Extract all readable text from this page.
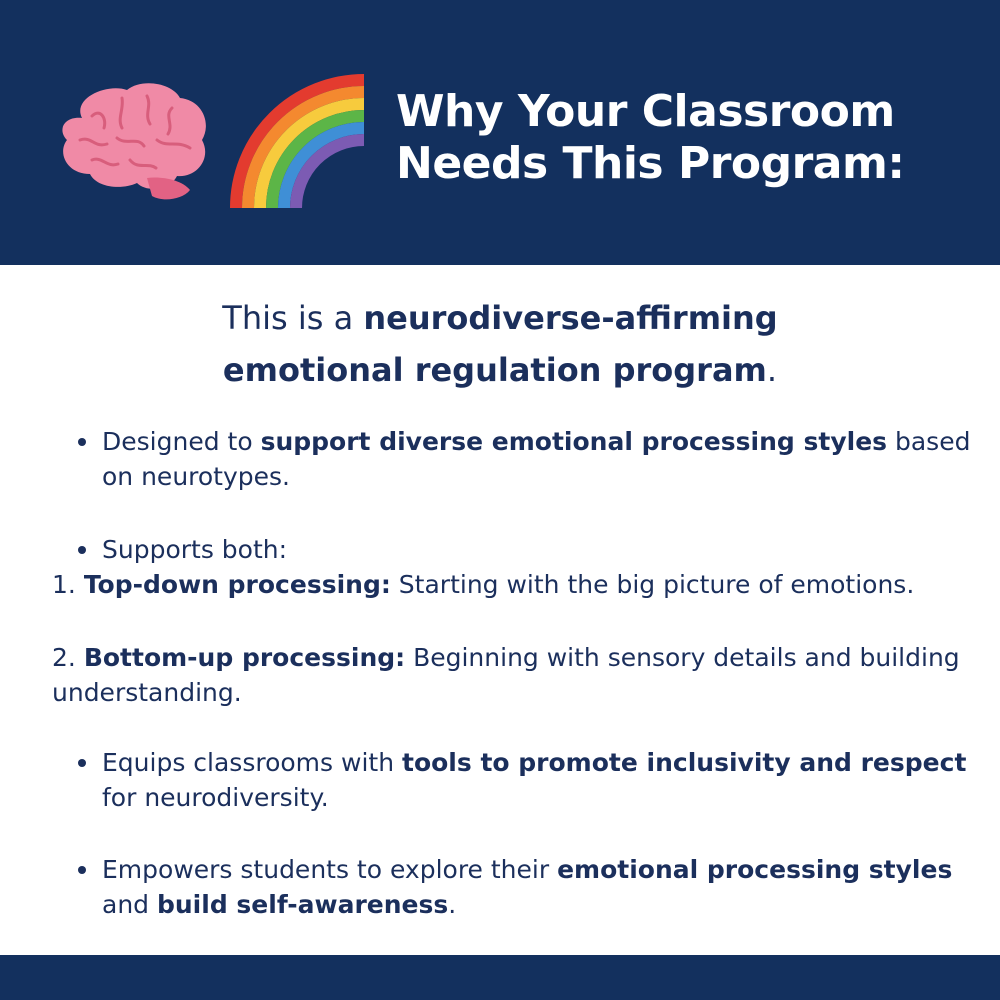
Why Your Classroom
Needs This Program:
This is a neurodiverse-affirming
emotional regulation program.
Designed to support diverse emotional processing styles based on neurotypes.
Supports both:
1. Top-down processing: Starting with the big picture of emotions.
2. Bottom-up processing: Beginning with sensory details and building understanding.
Equips classrooms with tools to promote inclusivity and respect for neurodiversity.
Empowers students to explore their emotional processing styles and build self-awareness.
